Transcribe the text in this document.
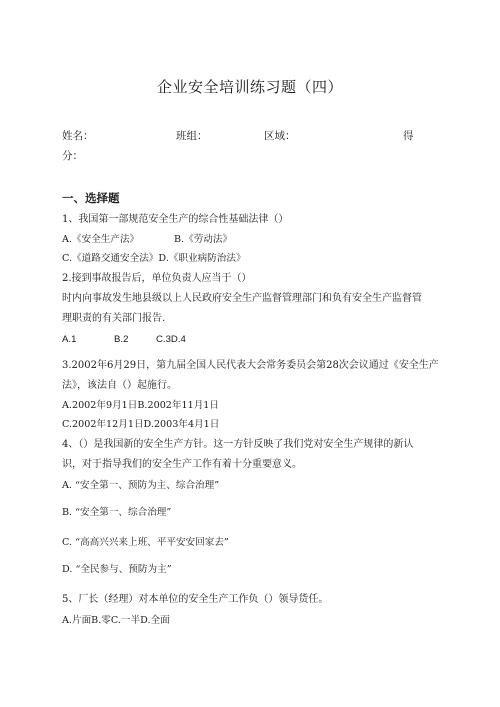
企业安全培训练习题（四）
姓名：	班组：	区域：	得
分：
一、选择题
1、我国第一部规范安全生产的综合性基础法律（）
A.《安全生产法》	B.《劳动法》
C.《道路交通安全法》D.《职业病防治法》
2.接到事故报告后，单位负责人应当于（）
时内向事故发生地县级以上人民政府安全生产监督管理部门和负有安全生产监督管
理职责的有关部门报告.
A.1	B.2	C.3D.4
3.2002年6月29日，第九届全国人民代表大会常务委员会第28次会议通过《安全生产
法》，该法自（）起施行。
A.2002年9月1日B.2002年11月1日
C.2002年12月1日D.2003年4月1日
4、（）是我国新的安全生产方针。这一方针反映了我们党对安全生产规律的新认
识，对于指导我们的安全生产工作有着十分重要意义。
A. “安全第一、预防为主、综合治理”
B. “安全第一、综合治理”
C. “高高兴兴来上班、平平安安回家去”
D. “全民参与、预防为主”
5、厂长（经理）对本单位的安全生产工作负（）领导货任。
A.片面B.零C.一半D.全面
